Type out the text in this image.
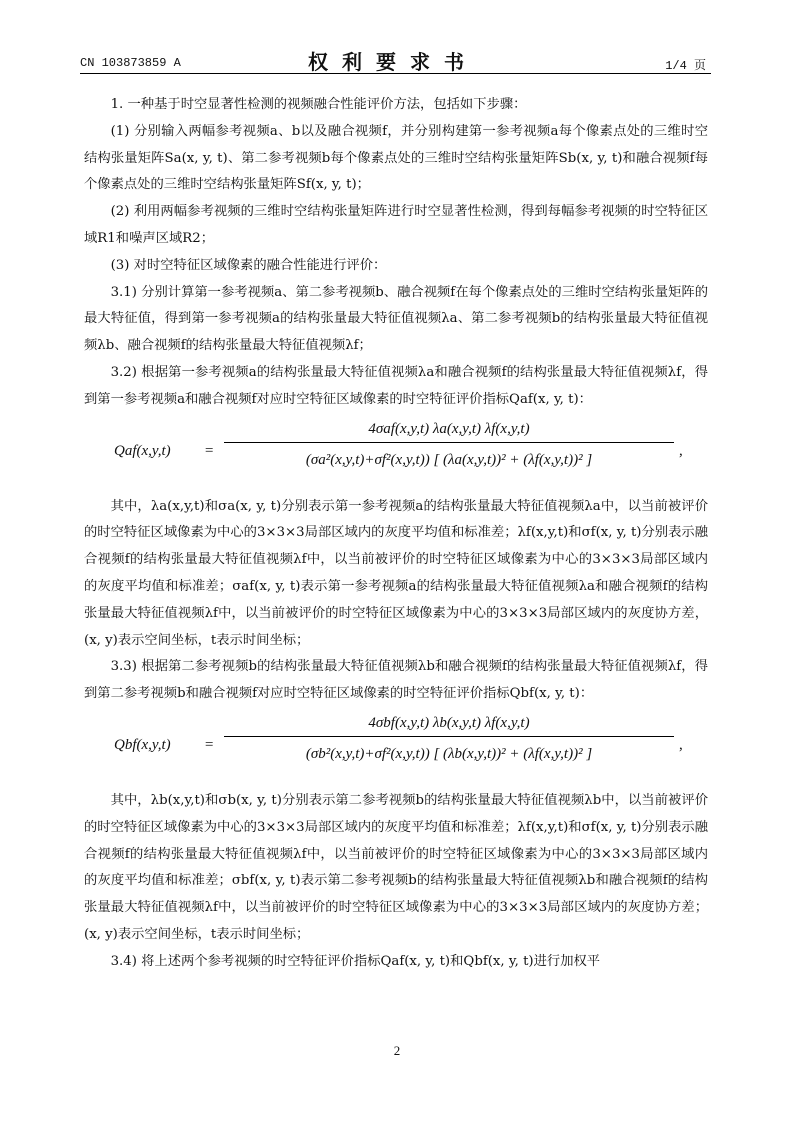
CN 103873859 A	权利要求书	1/4 页

1. 一种基于时空显著性检测的视频融合性能评价方法，包括如下步骤：

(1) 分别输入两幅参考视频a、b以及融合视频f，并分别构建第一参考视频a每个像素点处的三维时空结构张量矩阵Sa(x, y, t)、第二参考视频b每个像素点处的三维时空结构张量矩阵Sb(x, y, t)和融合视频f每个像素点处的三维时空结构张量矩阵Sf(x, y, t)；

(2) 利用两幅参考视频的三维时空结构张量矩阵进行时空显著性检测，得到每幅参考视频的时空特征区域R1和噪声区域R2；

(3) 对时空特征区域像素的融合性能进行评价：

3.1) 分别计算第一参考视频a、第二参考视频b、融合视频f在每个像素点处的三维时空结构张量矩阵的最大特征值，得到第一参考视频a的结构张量最大特征值视频λa、第二参考视频b的结构张量最大特征值视频λb、融合视频f的结构张量最大特征值视频λf；

3.2) 根据第一参考视频a的结构张量最大特征值视频λa和融合视频f的结构张量最大特征值视频λf，得到第一参考视频a和融合视频f对应时空特征区域像素的时空特征评价指标Qaf(x, y, t)：

Qaf(x,y,t) =
4σaf(x,y,t) λa(x,y,t) λf(x,y,t)
(σa²(x,y,t)+σf²(x,y,t)) [ (λa(x,y,t))² + (λf(x,y,t))² ]
,

其中，λa(x,y,t)和σa(x, y, t)分别表示第一参考视频a的结构张量最大特征值视频λa中，以当前被评价的时空特征区域像素为中心的3×3×3局部区域内的灰度平均值和标准差；λf(x,y,t)和σf(x, y, t)分别表示融合视频f的结构张量最大特征值视频λf中，以当前被评价的时空特征区域像素为中心的3×3×3局部区域内的灰度平均值和标准差；σaf(x, y, t)表示第一参考视频a的结构张量最大特征值视频λa和融合视频f的结构张量最大特征值视频λf中，以当前被评价的时空特征区域像素为中心的3×3×3局部区域内的灰度协方差，(x, y)表示空间坐标，t表示时间坐标；

3.3) 根据第二参考视频b的结构张量最大特征值视频λb和融合视频f的结构张量最大特征值视频λf，得到第二参考视频b和融合视频f对应时空特征区域像素的时空特征评价指标Qbf(x, y, t)：

Qbf(x,y,t) =
4σbf(x,y,t) λb(x,y,t) λf(x,y,t)
(σb²(x,y,t)+σf²(x,y,t)) [ (λb(x,y,t))² + (λf(x,y,t))² ]
,

其中，λb(x,y,t)和σb(x, y, t)分别表示第二参考视频b的结构张量最大特征值视频λb中，以当前被评价的时空特征区域像素为中心的3×3×3局部区域内的灰度平均值和标准差；λf(x,y,t)和σf(x, y, t)分别表示融合视频f的结构张量最大特征值视频λf中，以当前被评价的时空特征区域像素为中心的3×3×3局部区域内的灰度平均值和标准差；σbf(x, y, t)表示第二参考视频b的结构张量最大特征值视频λb和融合视频f的结构张量最大特征值视频λf中，以当前被评价的时空特征区域像素为中心的3×3×3局部区域内的灰度协方差；(x, y)表示空间坐标，t表示时间坐标；

3.4) 将上述两个参考视频的时空特征评价指标Qaf(x, y, t)和Qbf(x, y, t)进行加权平

2
